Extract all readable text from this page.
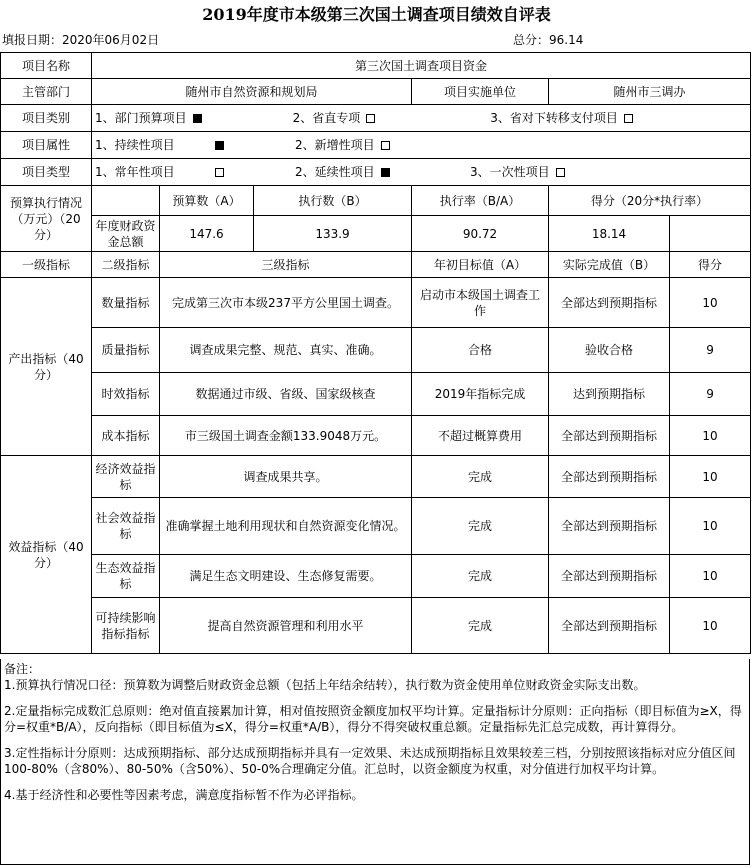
2019年度市本级第三次国土调查项目绩效自评表
填报日期：2020年06月02日	总分：96.14
项目名称	第三次国土调查项目资金					
主管部门	随州市自然资源和规划局			项目实施单位	随州市三调办	
项目类别	1、部门预算项目 2、省直专项 3、省对下转移支付项目					

项目属性	1、持续性项目 2、新增性项目					

项目类型	1、常年性项目 2、延续性项目 3、一次性项目					

预算执行情况（万元）（20分）		预算数（A）	执行数（B）	执行率（B/A）	得分（20分*执行率）	
	年度财政资金总额	147.6	133.9	90.72	18.14	
一级指标	二级指标	三级指标		年初目标值（A）	实际完成值（B）	得分
产出指标（40分）	数量指标	完成第三次市本级237平方公里国土调查。		启动市本级国土调查工作	全部达到预期指标	10
	质量指标	调查成果完整、规范、真实、准确。		合格	验收合格	9
	时效指标	数据通过市级、省级、国家级核查		2019年指标完成	达到预期指标	9
	成本指标	市三级国土调查金额133.9048万元。		不超过概算费用	全部达到预期指标	10
效益指标（40分）	经济效益指标	调查成果共享。		完成	全部达到预期指标	10
	社会效益指标	准确掌握土地利用现状和自然资源变化情况。		完成	全部达到预期指标	10
	生态效益指标	满足生态文明建设、生态修复需要。		完成	全部达到预期指标	10
	可持续影响指标指标	提高自然资源管理和利用水平		完成	全部达到预期指标	10

备注：

1.预算执行情况口径：预算数为调整后财政资金总额（包括上年结余结转），执行数为资金使用单位财政资金实际支出数。

2.定量指标完成数汇总原则：绝对值直接累加计算，相对值按照资金额度加权平均计算。定量指标计分原则：正向指标（即目标值为≥X，得分=权重*B/A），反向指标（即目标值为≤X，得分=权重*A/B），得分不得突破权重总额。定量指标先汇总完成数，再计算得分。

3.定性指标计分原则：达成预期指标、部分达成预期指标并具有一定效果、未达成预期指标且效果较差三档，分别按照该指标对应分值区间100-80%（含80%）、80-50%（含50%）、50-0%合理确定分值。汇总时，以资金额度为权重，对分值进行加权平均计算。

4.基于经济性和必要性等因素考虑，满意度指标暂不作为必评指标。
